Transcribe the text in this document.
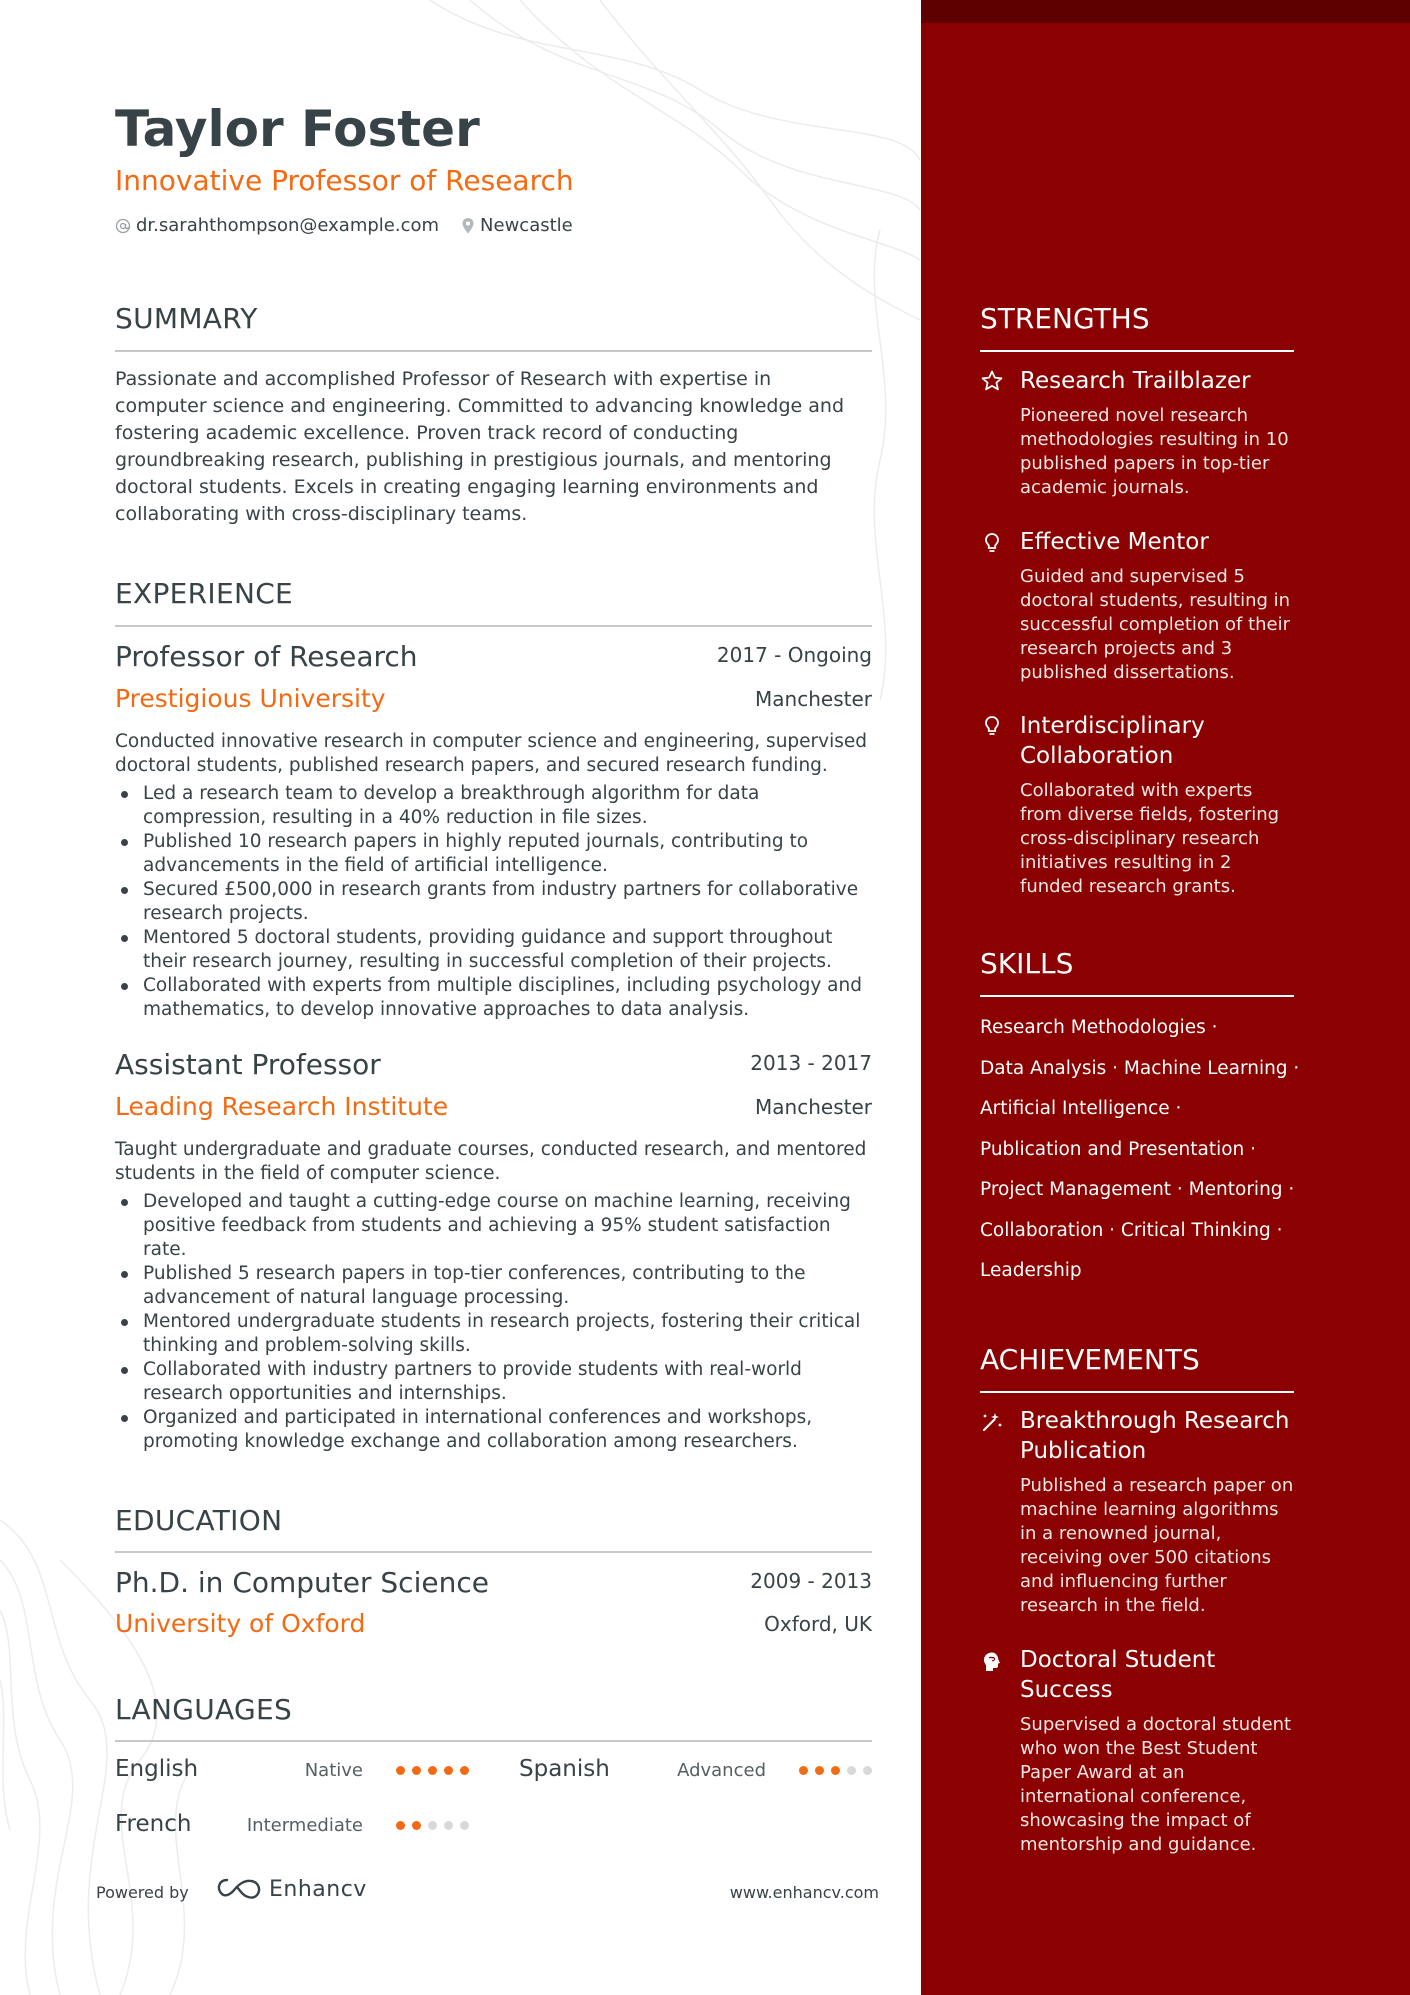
Taylor Foster
Innovative Professor of Research
dr.sarahthompson@example.com Newcastle
SUMMARY
Passionate and accomplished Professor of Research with expertise in
computer science and engineering. Committed to advancing knowledge and
fostering academic excellence. Proven track record of conducting
groundbreaking research, publishing in prestigious journals, and mentoring
doctoral students. Excels in creating engaging learning environments and
collaborating with cross-disciplinary teams.
EXPERIENCE
Professor of Research	2017 - Ongoing
Prestigious University	Manchester
Conducted innovative research in computer science and engineering, supervised doctoral students, published research papers, and secured research funding.
Led a research team to develop a breakthrough algorithm for data compression, resulting in a 40% reduction in file sizes.
Published 10 research papers in highly reputed journals, contributing to advancements in the field of artificial intelligence.
Secured £500,000 in research grants from industry partners for collaborative research projects.
Mentored 5 doctoral students, providing guidance and support throughout their research journey, resulting in successful completion of their projects.
Collaborated with experts from multiple disciplines, including psychology and mathematics, to develop innovative approaches to data analysis.
Assistant Professor	2013 - 2017
Leading Research Institute	Manchester
Taught undergraduate and graduate courses, conducted research, and mentored students in the field of computer science.
Developed and taught a cutting-edge course on machine learning, receiving positive feedback from students and achieving a 95% student satisfaction rate.
Published 5 research papers in top-tier conferences, contributing to the advancement of natural language processing.
Mentored undergraduate students in research projects, fostering their critical thinking and problem-solving skills.
Collaborated with industry partners to provide students with real-world research opportunities and internships.
Organized and participated in international conferences and workshops, promoting knowledge exchange and collaboration among researchers.
EDUCATION
Ph.D. in Computer Science	2009 - 2013
University of Oxford	Oxford, UK
LANGUAGES
English	Native	Spanish	Advanced
French	Intermediate
Powered by	Enhancv	www.enhancv.com
STRENGTHS
Research Trailblazer
Pioneered novel research methodologies resulting in 10 published papers in top-tier academic journals.
Effective Mentor
Guided and supervised 5 doctoral students, resulting in successful completion of their research projects and 3 published dissertations.
Interdisciplinary Collaboration
Collaborated with experts from diverse fields, fostering cross-disciplinary research initiatives resulting in 2 funded research grants.
SKILLS
Research Methodologies ·
Data Analysis · Machine Learning ·
Artificial Intelligence ·
Publication and Presentation ·
Project Management · Mentoring ·
Collaboration · Critical Thinking ·
Leadership
ACHIEVEMENTS
Breakthrough Research Publication
Published a research paper on machine learning algorithms in a renowned journal, receiving over 500 citations and influencing further research in the field.
Doctoral Student Success
Supervised a doctoral student who won the Best Student Paper Award at an international conference, showcasing the impact of mentorship and guidance.
